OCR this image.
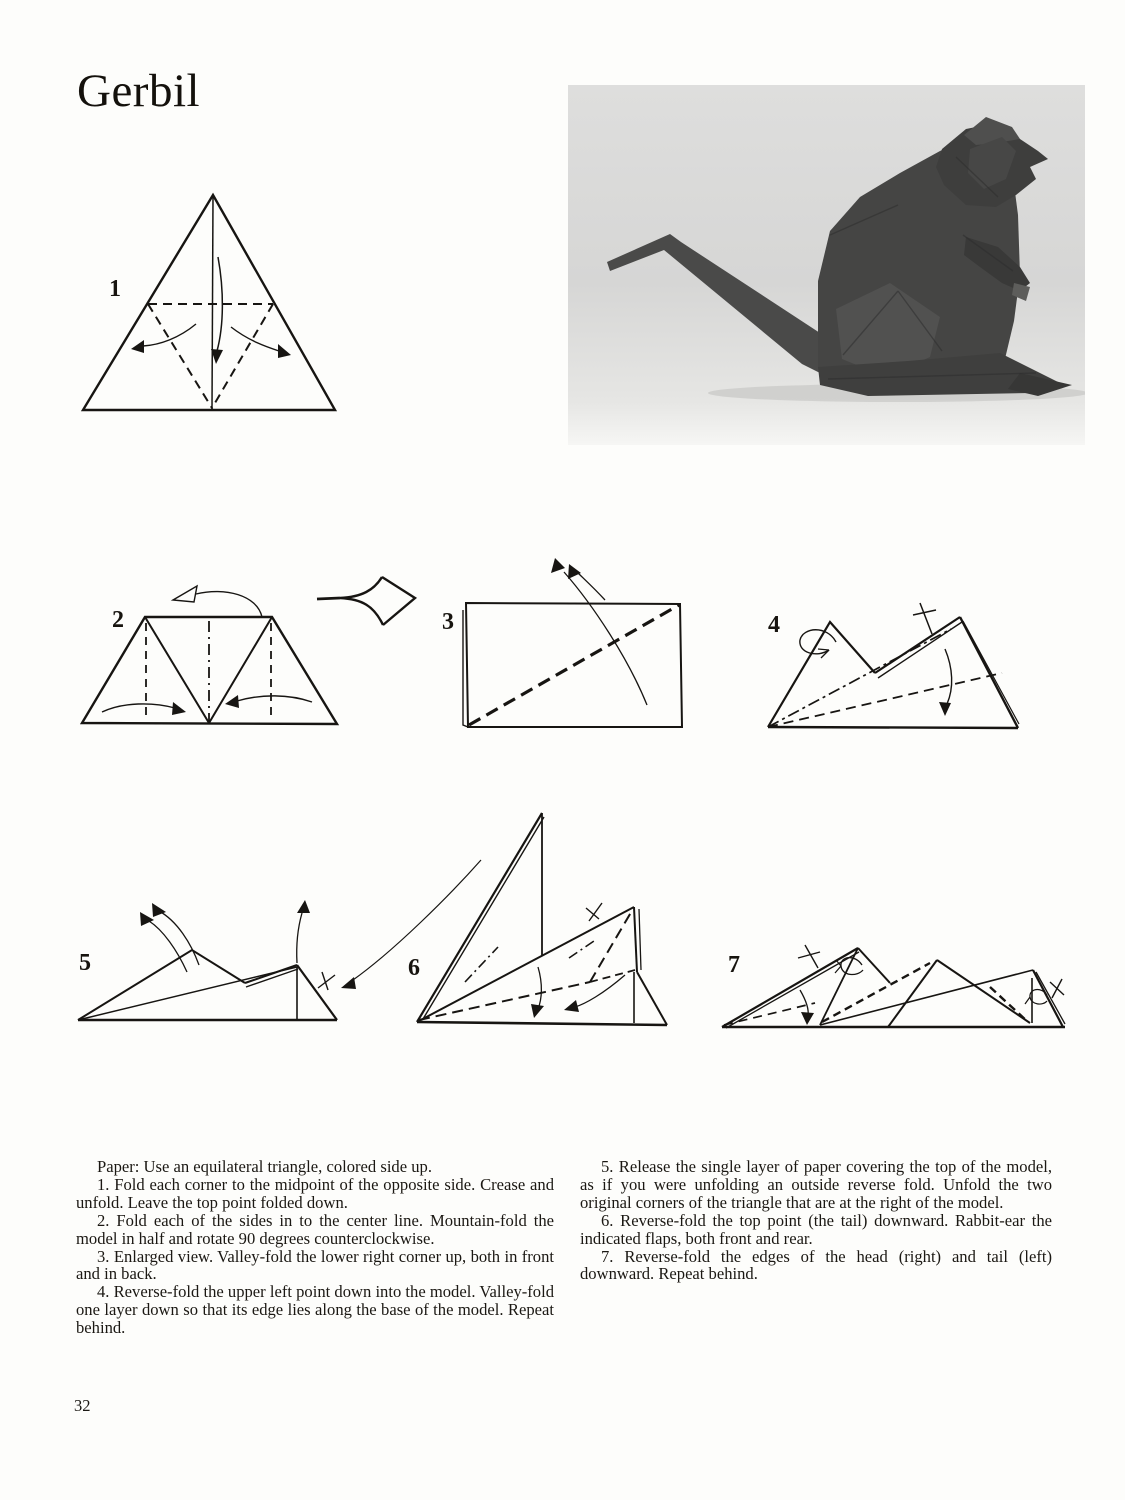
Gerbil
1
2	3	4
5	6	7

Paper: Use an equilateral triangle, colored side up.

1. Fold each corner to the midpoint of the opposite side. Crease and unfold. Leave the top point folded down.

2. Fold each of the sides in to the center line. Mountain-fold the model in half and rotate 90 degrees counterclockwise.

3. Enlarged view. Valley-fold the lower right corner up, both in front and in back.

4. Reverse-fold the upper left point down into the model. Valley-fold one layer down so that its edge lies along the base of the model. Repeat behind.

5. Release the single layer of paper covering the top of the model, as if you were unfolding an outside reverse fold. Unfold the two original corners of the triangle that are at the right of the model.

6. Reverse-fold the top point (the tail) downward. Rabbit-ear the indicated flaps, both front and rear.

7. Reverse-fold the edges of the head (right) and tail (left) downward. Repeat behind.

32
